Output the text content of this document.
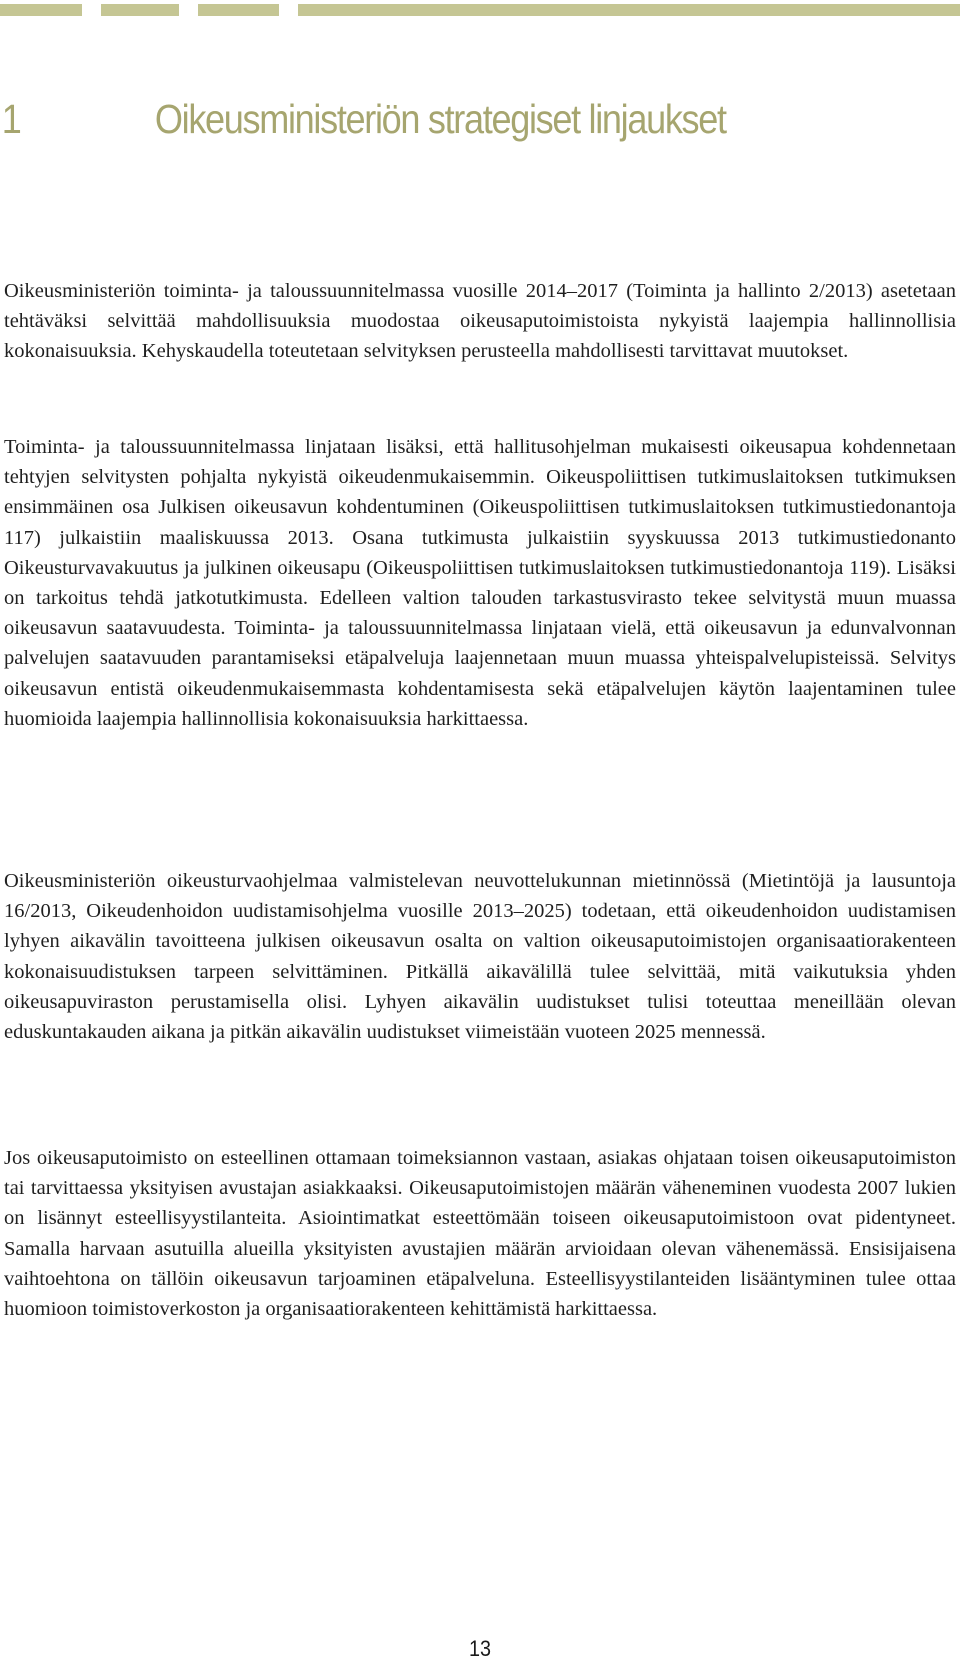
1	Oikeusministeriön strategiset linjaukset

Oikeusministeriön toiminta- ja taloussuunnitelmassa vuosille 2014–2017 (Toiminta ja hallinto 2/2013) asetetaan tehtäväksi selvittää mahdollisuuksia muodostaa oikeusaputoimistoista nykyistä laajempia hallinnollisia kokonaisuuksia. Kehyskaudella toteutetaan selvityksen perusteella mahdollisesti tarvittavat muutokset.

Toiminta- ja taloussuunnitelmassa linjataan lisäksi, että hallitusohjelman mukaisesti oikeusapua kohdennetaan tehtyjen selvitysten pohjalta nykyistä oikeudenmukaisemmin. Oikeuspoliittisen tutkimuslaitoksen tutkimuksen ensimmäinen osa Julkisen oikeusavun kohdentuminen (Oikeuspoliittisen tutkimuslaitoksen tutkimustiedonantoja 117) julkaistiin maaliskuussa 2013. Osana tutkimusta julkaistiin syyskuussa 2013 tutkimustiedonanto Oikeusturvavakuutus ja julkinen oikeusapu (Oikeuspoliittisen tutkimuslaitoksen tutkimustiedonantoja 119). Lisäksi on tarkoitus tehdä jatkotutkimusta. Edelleen valtion talouden tarkastusvirasto tekee selvitystä muun muassa oikeusavun saatavuudesta. Toiminta- ja taloussuunnitelmassa linjataan vielä, että oikeusavun ja edunvalvonnan palvelujen saatavuuden parantamiseksi etäpalveluja laajennetaan muun muassa yhteispalvelupisteissä. Selvitys oikeusavun entistä oikeudenmukaisemmasta kohdentamisesta sekä etäpalvelujen käytön laajentaminen tulee huomioida laajempia hallinnollisia kokonaisuuksia harkittaessa.

Oikeusministeriön oikeusturvaohjelmaa valmistelevan neuvottelukunnan mietinnössä (Mietintöjä ja lausuntoja 16/2013, Oikeudenhoidon uudistamisohjelma vuosille 2013–2025) todetaan, että oikeudenhoidon uudistamisen lyhyen aikavälin tavoitteena julkisen oikeusavun osalta on valtion oikeusaputoimistojen organisaatiorakenteen kokonaisuudistuksen tarpeen selvittäminen. Pitkällä aikavälillä tulee selvittää, mitä vaikutuksia yhden oikeusapuviraston perustamisella olisi. Lyhyen aikavälin uudistukset tulisi toteuttaa meneillään olevan eduskuntakauden aikana ja pitkän aikavälin uudistukset viimeistään vuoteen 2025 mennessä.

Jos oikeusaputoimisto on esteellinen ottamaan toimeksiannon vastaan, asiakas ohjataan toisen oikeusaputoimiston tai tarvittaessa yksityisen avustajan asiakkaaksi. Oikeusaputoimistojen määrän väheneminen vuodesta 2007 lukien on lisännyt esteellisyystilanteita. Asiointimatkat esteettömään toiseen oikeusaputoimistoon ovat pidentyneet. Samalla harvaan asutuilla alueilla yksityisten avustajien määrän arvioidaan olevan vähenemässä. Ensisijaisena vaihtoehtona on tällöin oikeusavun tarjoaminen etäpalveluna. Esteellisyystilanteiden lisääntyminen tulee ottaa huomioon toimistoverkoston ja organisaatiorakenteen kehittämistä harkittaessa.

13
